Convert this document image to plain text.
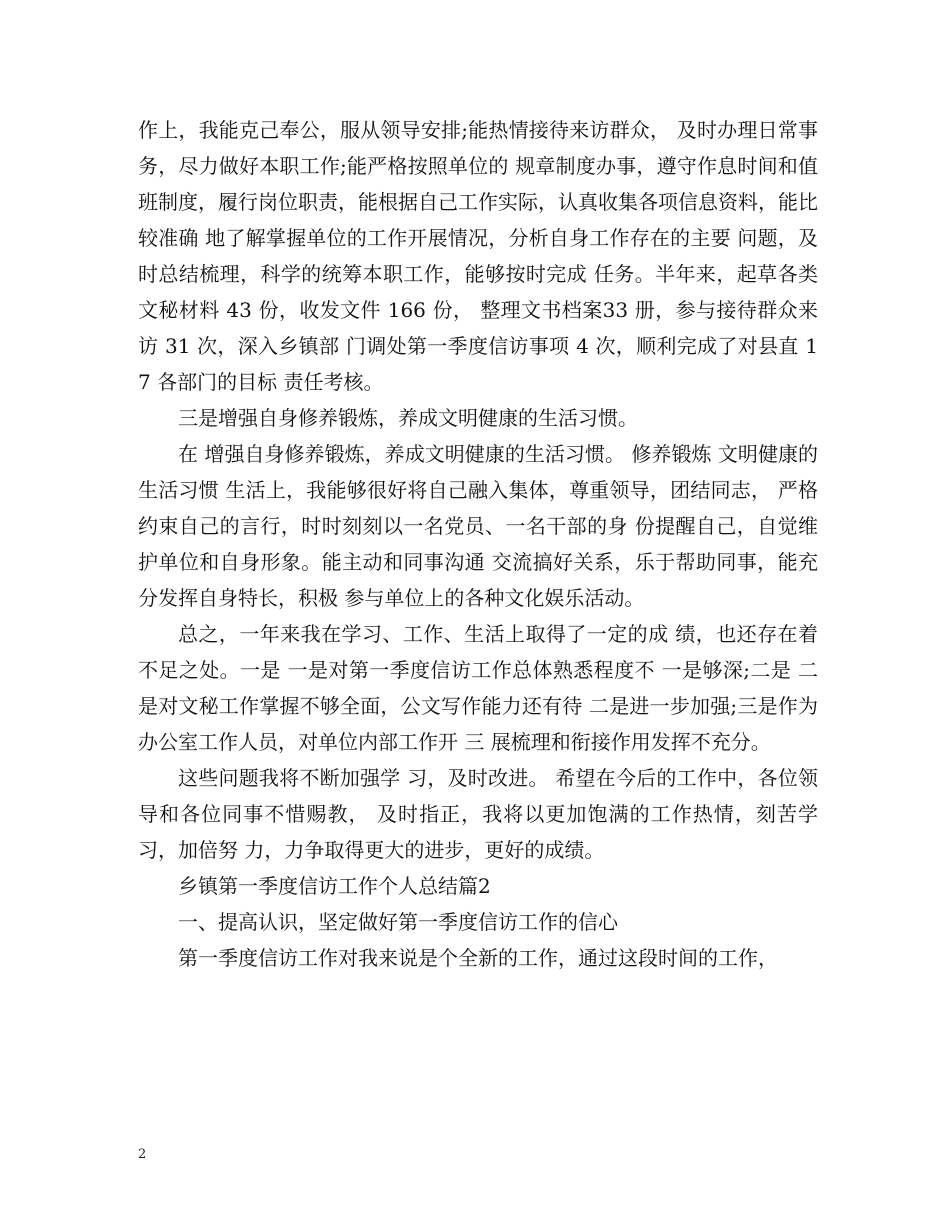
作上，我能克己奉公，服从领导安排;能热情接待来访群众， 及时办理日常事务，尽力做好本职工作;能严格按照单位的 规章制度办事，遵守作息时间和值班制度，履行岗位职责，能根据自己工作实际，认真收集各项信息资料，能比较准确 地了解掌握单位的工作开展情况，分析自身工作存在的主要 问题，及时总结梳理，科学的统筹本职工作，能够按时完成 任务。半年来，起草各类文秘材料 43 份，收发文件 166 份， 整理文书档案33 册，参与接待群众来访 31 次，深入乡镇部 门调处第一季度信访事项 4 次，顺利完成了对县直 17 各部门的目标 责任考核。

三是增强自身修养锻炼，养成文明健康的生活习惯。

在 增强自身修养锻炼，养成文明健康的生活习惯。 修养锻炼 文明健康的生活习惯 生活上，我能够很好将自己融入集体，尊重领导，团结同志， 严格约束自己的言行，时时刻刻以一名党员、一名干部的身 份提醒自己，自觉维护单位和自身形象。能主动和同事沟通 交流搞好关系，乐于帮助同事，能充分发挥自身特长，积极 参与单位上的各种文化娱乐活动。

总之，一年来我在学习、工作、生活上取得了一定的成 绩，也还存在着不足之处。一是 一是对第一季度信访工作总体熟悉程度不 一是够深;二是 二是对文秘工作掌握不够全面，公文写作能力还有待 二是进一步加强;三是作为办公室工作人员，对单位内部工作开 三 展梳理和衔接作用发挥不充分。

这些问题我将不断加强学 习，及时改进。 希望在今后的工作中，各位领导和各位同事不惜赐教， 及时指正，我将以更加饱满的工作热情，刻苦学习，加倍努 力，力争取得更大的进步，更好的成绩。

乡镇第一季度信访工作个人总结篇2

一、提高认识，坚定做好第一季度信访工作的信心

第一季度信访工作对我来说是个全新的工作，通过这段时间的工作，

2
